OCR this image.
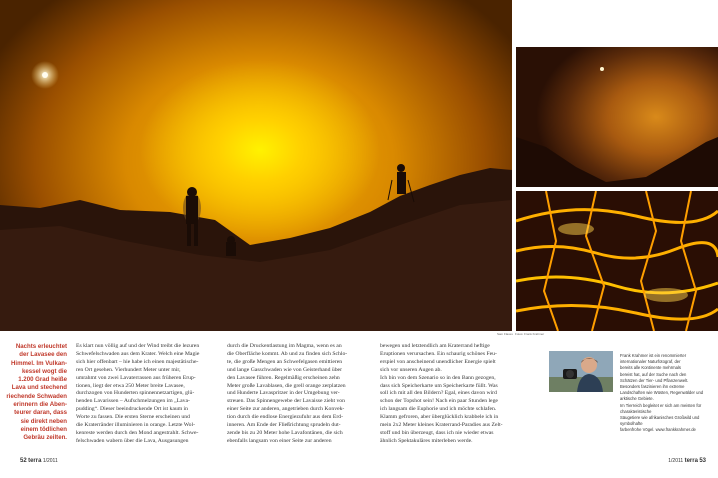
Sam Flaxes Fotos: Frank Krahmer
Nachts erleuchtet
der Lavasee den
Himmel. Im Vulkan-
kessel wogt die
1.200 Grad heiße
Lava und stechend
riechende Schwaden
erinnern die Aben-
teurer daran, dass
sie direkt neben
einem tödlichen
Gebräu zeilten.
Es klart nun völlig auf und der Wind treibt die lezuren
Schwefelschwaden aus dem Krater. Welch eine Magie
sich hier offenbart – hie habe ich einen majestätische-
ren Ort gesehen. Vierhundert Meter unter mir,
umrahmt von zwei Lavaterrassen aus früheren Erup-
tionen, liegt der etwa 250 Meter breite Lavasee,
durchzogen von Hunderten spinnennetzartigen, glü-
henden Lavarissen – Aufschmelzungen im „Lava-
pudding“. Dieser beeindruckende Ort ist kaum in
Worte zu fassen. Die ersten Sterne erscheinen und
die Kraterränder illuminieren in orange. Letzte Wol-
kenreste werden durch den Mond angestrahlt. Schwe-
felschwaden wabern über die Lava, Ausgasungen
durch die Druckentlastung im Magma, wenn es an
die Oberfläche kommt. Ab und zu finden sich Schlo-
te, die große Mengen an Schwefelgasen emittieren
und lange Gasschwaden wie von Geisterhand über
den Lavasee führen. Regelmäßig erscheinen zehn
Meter große Lavablasen, die grell orange zerplatzen
und Hunderte Lavaspritzer in der Umgebung ver-
streuen. Das Spinnengewebe der Lavaisse zieht von
einer Seite zur anderen, angetrieben durch Konvek-
tion durch die endlose Energiezufuhr aus dem Erd-
inneren. Am Ende der Fließrichtung sprudeln dut-
zende bis zu 20 Meter hohe Lavafontänen, die sich
ebenfalls langsam von einer Seite zur anderen
bewegen und letztendlich am Kraterrand heftige
Eruptionen verursachen. Ein schaurig schönes Feu-
erspiel von anscheinend unendlicher Energie spielt
sich vor unseren Augen ab.
Ich bin von dem Szenario so in den Bann gezogen,
dass sich Speicherkarte um Speicherkarte füllt. Was
soll ich mit all den Bildern? Egal, eines davon wird
schon der Topshot sein! Nach ein paar Stunden lege
ich langsam die Euphorie und ich möchte schlafen.
Klamm gefroren, aber überglücklich krabbele ich in
mein 2x2 Meter kleines Kraterrand-Paradies aus Zelt-
stoff und bin überzeugt, dass ich nie wieder etwas
ähnlich Spektakuläres miterleben werde.
Frank Krahmer ist ein renommierter
internationaler Naturfotograf, der
bereits alle Kontinente mehrmals
bereist hat, auf der Suche nach den
Schätzen der Tier- und Pflanzenwelt.
Besonders faszinieren ihn extreme
Landschaften wie Wüsten, Regenwälder und arktische Gebiete.
Im Tierreich begleitet er sich am meisten für charakteristische
Säugetiere wie afrikanisches Großwild und symbolhafte
farbenfrohe Vögel. www.frankkrahmer.de
52 terra 1/2011	1/2011 terra 53
